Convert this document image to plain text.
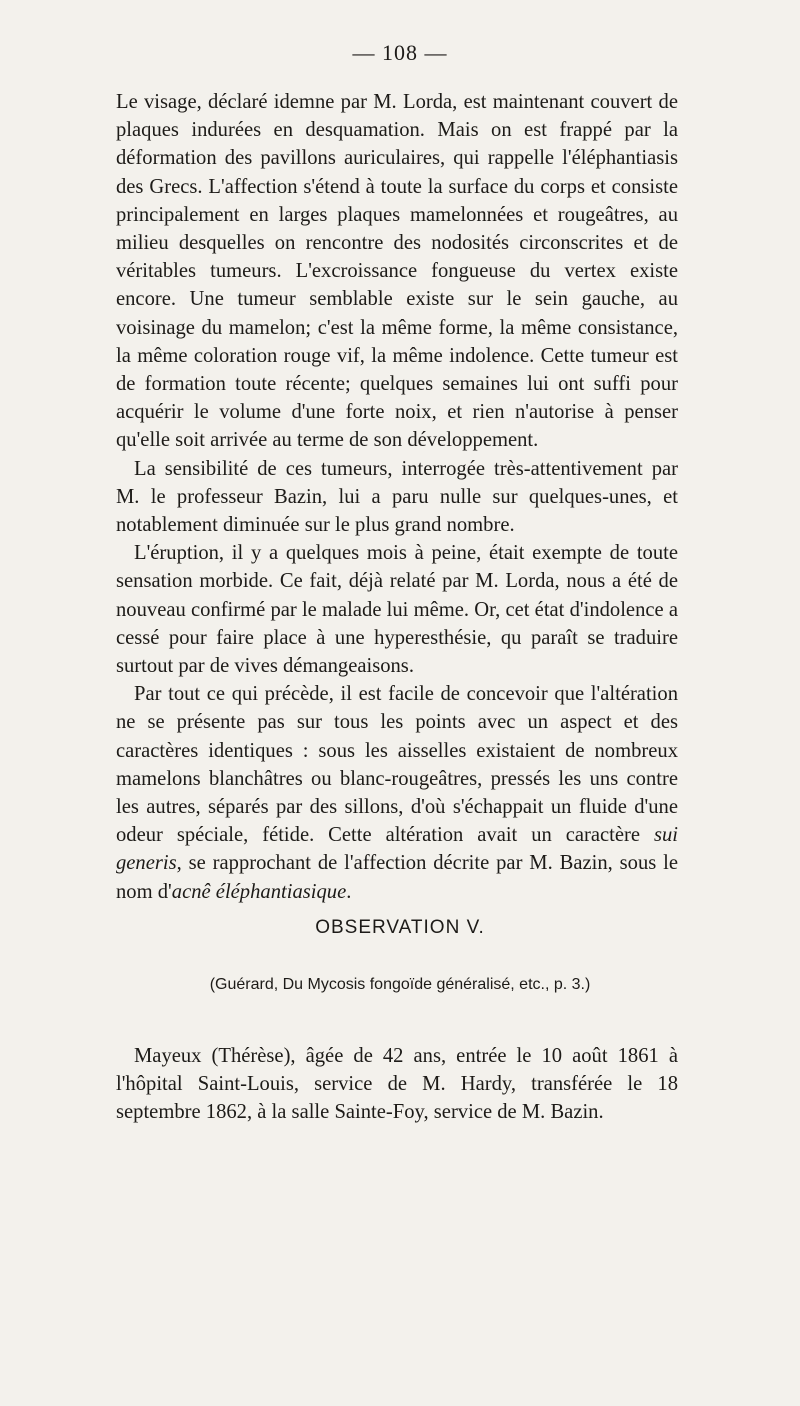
— 108 —

Le visage, déclaré idemne par M. Lorda, est maintenant couvert de plaques indurées en desquamation. Mais on est frappé par la déformation des pavillons auriculaires, qui rappelle l'éléphantiasis des Grecs. L'affection s'étend à toute la surface du corps et consiste principalement en larges plaques mamelonnées et rougeâtres, au milieu desquelles on rencontre des nodosités circonscrites et de véritables tumeurs. L'excroissance fongueuse du vertex existe encore. Une tumeur semblable existe sur le sein gauche, au voisinage du mamelon; c'est la même forme, la même consistance, la même coloration rouge vif, la même indolence. Cette tumeur est de formation toute récente; quelques semaines lui ont suffi pour acquérir le volume d'une forte noix, et rien n'autorise à penser qu'elle soit arrivée au terme de son développement.

La sensibilité de ces tumeurs, interrogée très-attentivement par M. le professeur Bazin, lui a paru nulle sur quelques-unes, et notablement diminuée sur le plus grand nombre.

L'éruption, il y a quelques mois à peine, était exempte de toute sensation morbide. Ce fait, déjà relaté par M. Lorda, nous a été de nouveau confirmé par le malade lui même. Or, cet état d'indolence a cessé pour faire place à une hyperesthésie, qu paraît se traduire surtout par de vives démangeaisons.

Par tout ce qui précède, il est facile de concevoir que l'altération ne se présente pas sur tous les points avec un aspect et des caractères identiques : sous les aisselles existaient de nombreux mamelons blanchâtres ou blanc-rougeâtres, pressés les uns contre les autres, séparés par des sillons, d'où s'échappait un fluide d'une odeur spéciale, fétide. Cette altération avait un caractère sui generis, se rapprochant de l'affection décrite par M. Bazin, sous le nom d'acnê éléphantiasique.

OBSERVATION V.
(Guérard, Du Mycosis fongoïde généralisé, etc., p. 3.)

Mayeux (Thérèse), âgée de 42 ans, entrée le 10 août 1861 à l'hôpital Saint-Louis, service de M. Hardy, transférée le 18 septembre 1862, à la salle Sainte-Foy, service de M. Bazin.
